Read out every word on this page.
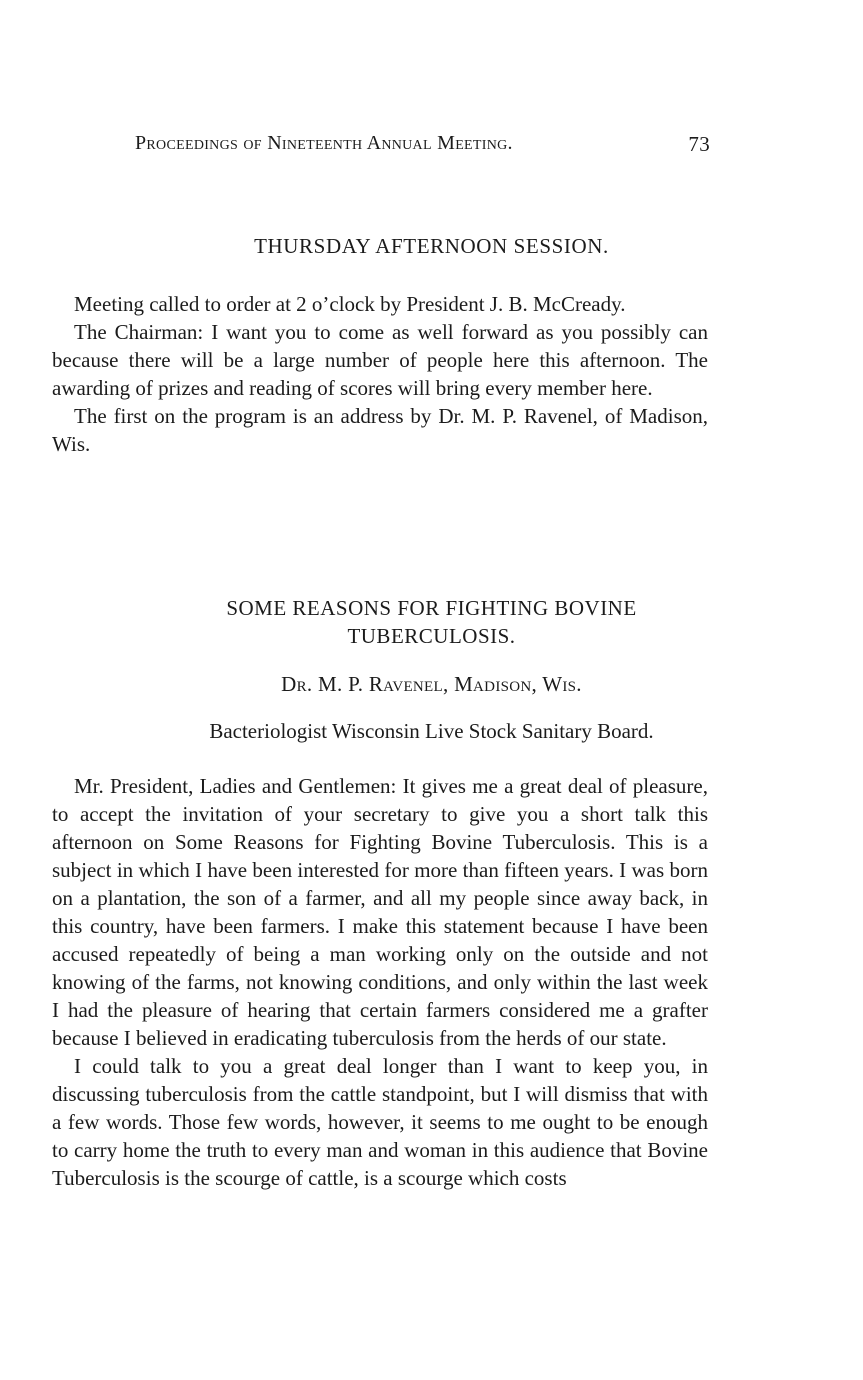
Proceedings of Nineteenth Annual Meeting.	73
THURSDAY AFTERNOON SESSION.

Meeting called to order at 2 o’clock by President J. B. McCready.

The Chairman: I want you to come as well forward as you possibly can because there will be a large number of people here this afternoon. The awarding of prizes and reading of scores will bring every member here.

The first on the program is an address by Dr. M. P. Ravenel, of Madison, Wis.

SOME REASONS FOR FIGHTING BOVINE
TUBERCULOSIS.
Dr. M. P. Ravenel, Madison, Wis.
Bacteriologist Wisconsin Live Stock Sanitary Board.

Mr. President, Ladies and Gentlemen: It gives me a great deal of pleasure, to accept the invitation of your secretary to give you a short talk this afternoon on Some Reasons for Fighting Bovine Tuberculosis. This is a subject in which I have been interested for more than fifteen years. I was born on a plantation, the son of a farmer, and all my people since away back, in this country, have been farmers. I make this statement because I have been accused repeatedly of being a man working only on the outside and not knowing of the farms, not knowing conditions, and only within the last week I had the pleasure of hearing that certain farmers considered me a grafter because I believed in eradicating tuberculosis from the herds of our state.

I could talk to you a great deal longer than I want to keep you, in discussing tuberculosis from the cattle standpoint, but I will dismiss that with a few words. Those few words, however, it seems to me ought to be enough to carry home the truth to every man and woman in this audience that Bovine Tuberculosis is the scourge of cattle, is a scourge which costs
